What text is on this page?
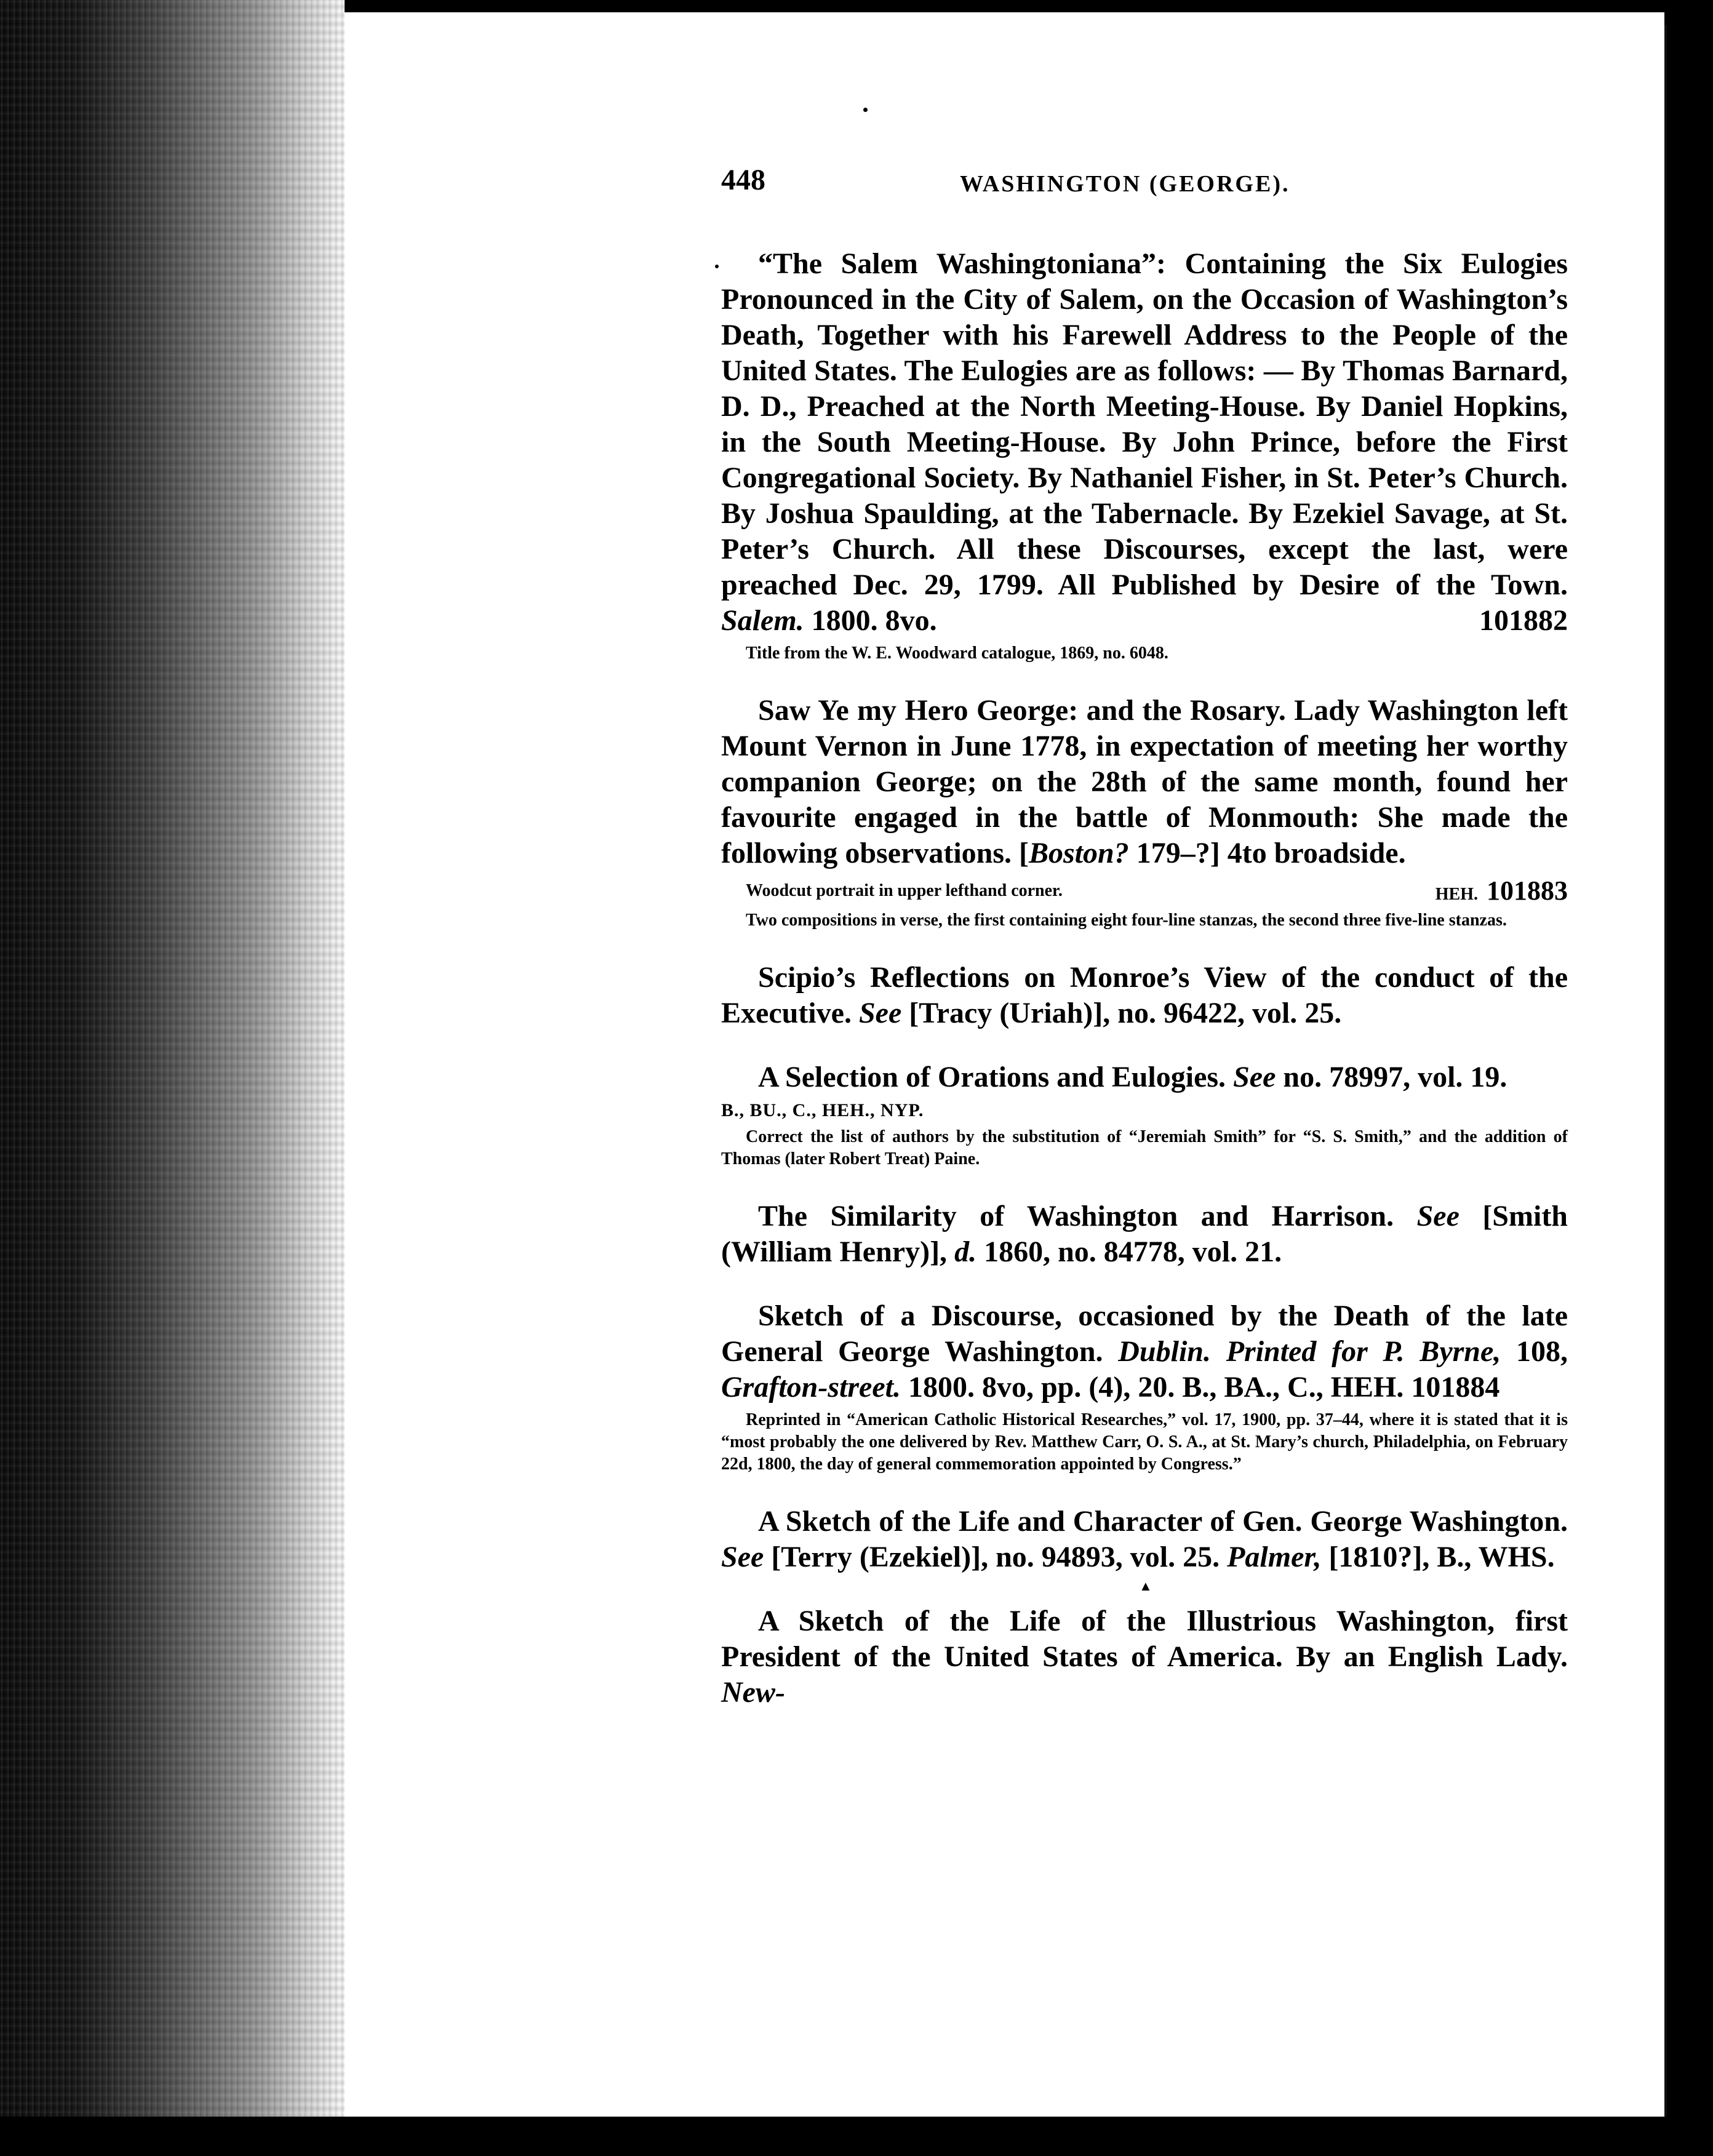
▲
448	WASHINGTON (GEORGE).

“The Salem Washingtoniana”: Containing the Six Eulogies Pronounced in the City of Salem, on the Occasion of Washington’s Death, Together with his Farewell Address to the People of the United States. The Eulogies are as follows: — By Thomas Barnard, D. D., Preached at the North Meeting-House. By Daniel Hopkins, in the South Meeting-House. By John Prince, before the First Congregational Society. By Nathaniel Fisher, in St. Peter’s Church. By Joshua Spaulding, at the Tabernacle. By Ezekiel Savage, at St. Peter’s Church. All these Discourses, except the last, were preached Dec. 29, 1799. All Published by Desire of the Town. Salem. 1800. 8vo.	101882

Title from the W. E. Woodward catalogue, 1869, no. 6048.

Saw Ye my Hero George: and the Rosary. Lady Washington left Mount Vernon in June 1778, in expectation of meeting her worthy companion George; on the 28th of the same month, found her favourite engaged in the battle of Monmouth: She made the following observations. [Boston? 179–?] 4to broadside.

Woodcut portrait in upper lefthand corner.	HEH. 101883

Two compositions in verse, the first containing eight four-line stanzas, the second three five-line stanzas.

Scipio’s Reflections on Monroe’s View of the conduct of the Executive. See [Tracy (Uriah)], no. 96422, vol. 25.

A Selection of Orations and Eulogies. See no. 78997, vol. 19.

B., BU., C., HEH., NYP.

Correct the list of authors by the substitution of “Jeremiah Smith” for “S. S. Smith,” and the addition of Thomas (later Robert Treat) Paine.

The Similarity of Washington and Harrison. See [Smith (William Henry)], d. 1860, no. 84778, vol. 21.

Sketch of a Discourse, occasioned by the Death of the late General George Washington. Dublin. Printed for P. Byrne, 108, Grafton-street. 1800. 8vo, pp. (4), 20. B., BA., C., HEH. 101884

Reprinted in “American Catholic Historical Researches,” vol. 17, 1900, pp. 37–44, where it is stated that it is “most probably the one delivered by Rev. Matthew Carr, O. S. A., at St. Mary’s church, Philadelphia, on February 22d, 1800, the day of general commemoration appointed by Congress.”

A Sketch of the Life and Character of Gen. George Washington. See [Terry (Ezekiel)], no. 94893, vol. 25. Palmer, [1810?], B., WHS.

A Sketch of the Life of the Illustrious Washington, first President of the United States of America. By an English Lady. New-
